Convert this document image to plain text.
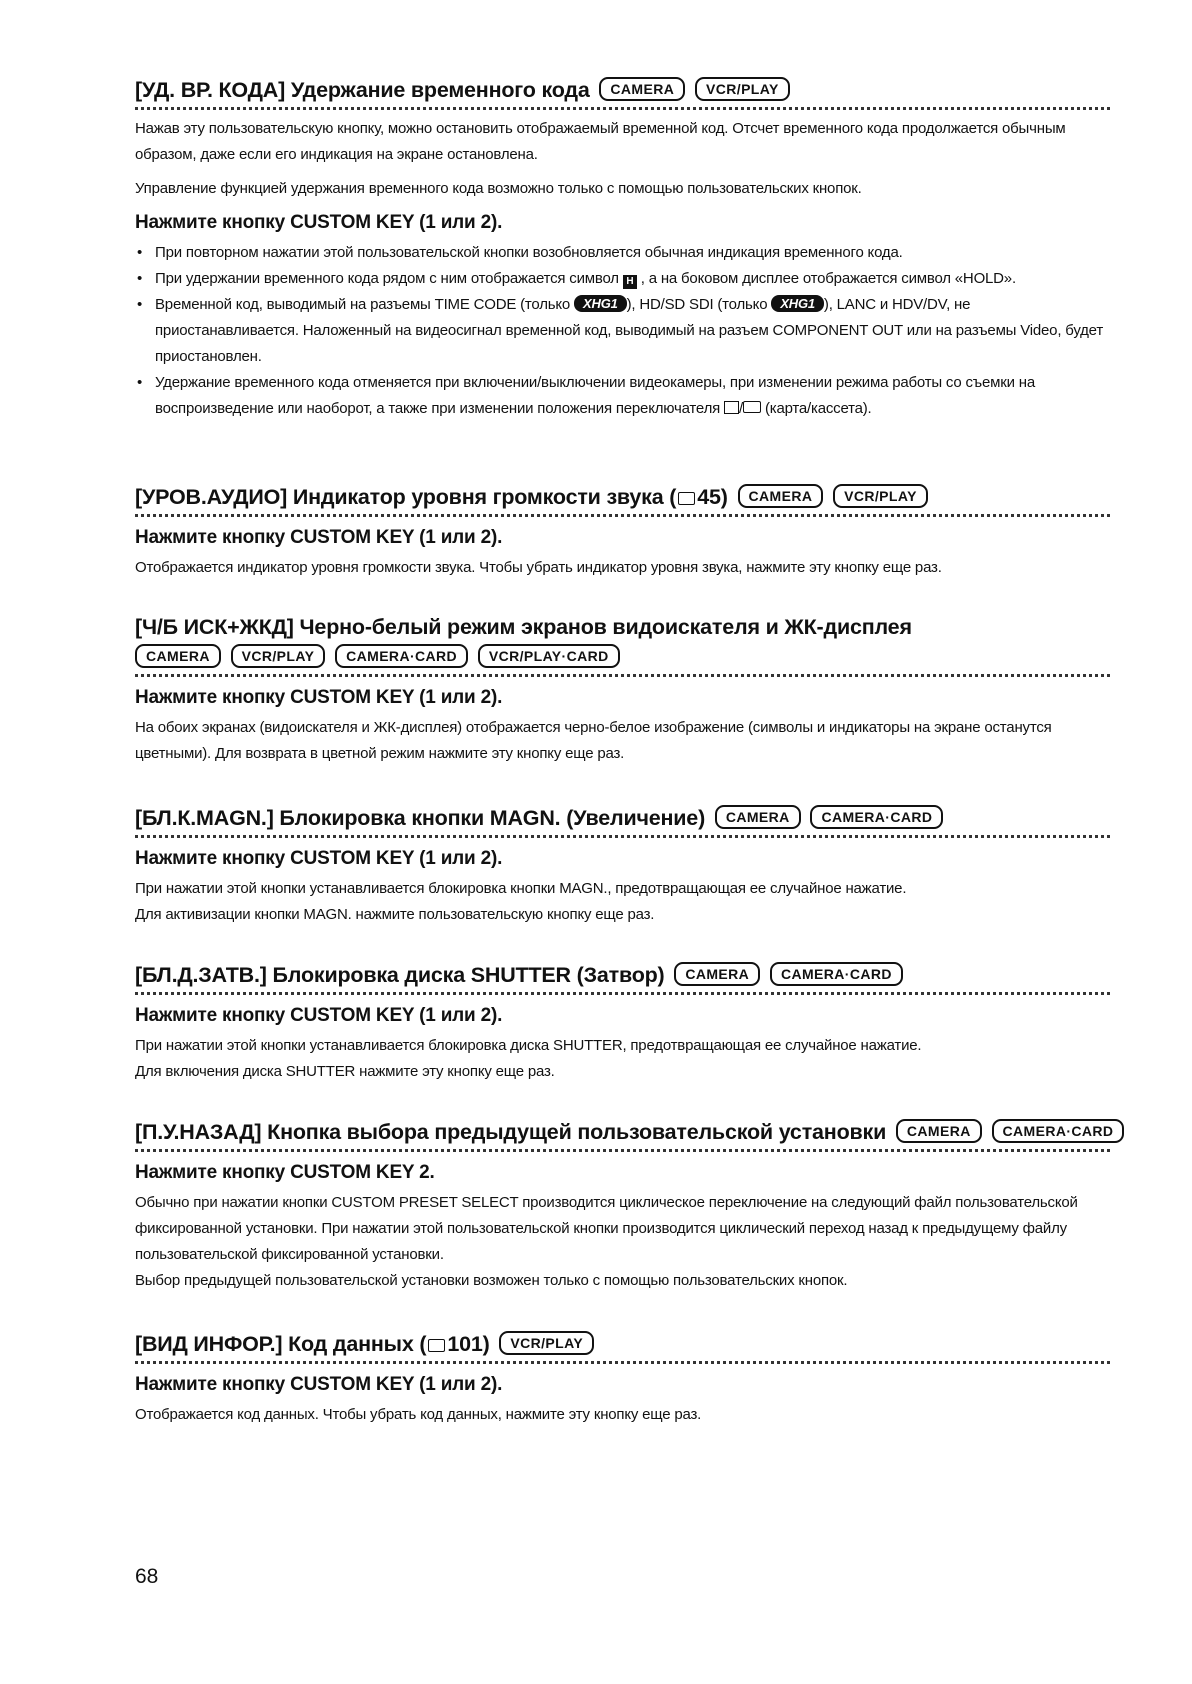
[УД. ВР. КОДА] Удержание временного кода CAMERA VCR/PLAY
Нажав эту пользовательскую кнопку, можно остановить отображаемый временной код. Отсчет временного кода продолжается обычным образом, даже если его индикация на экране остановлена.
Управление функцией удержания временного кода возможно только с помощью пользовательских кнопок.
Нажмите кнопку CUSTOM KEY (1 или 2).
• При повторном нажатии этой пользовательской кнопки возобновляется обычная индикация временного кода.
• При удержании временного кода рядом с ним отображается символ H , а на боковом дисплее отображается символ «HOLD».
• Временной код, выводимый на разъемы TIME CODE (только XHG1 ), HD/SD SDI (только XHG1 ), LANC и HDV/DV, не приостанавливается. Наложенный на видеосигнал временной код, выводимый на разъем COMPONENT OUT или на разъемы Video, будет приостановлен.
• Удержание временного кода отменяется при включении/выключении видеокамеры, при изменении режима работы со съемки на воспроизведение или наоборот, а также при изменении положения переключателя / (карта/кассета).
[УРОВ.АУДИО] Индикатор уровня громкости звука ( 45) CAMERA VCR/PLAY
Нажмите кнопку CUSTOM KEY (1 или 2).
Отображается индикатор уровня громкости звука. Чтобы убрать индикатор уровня звука, нажмите эту кнопку еще раз.
[Ч/Б ИСК+ЖКД] Черно-белый режим экранов видоискателя и ЖК-дисплея
CAMERA VCR/PLAY CAMERA·CARD VCR/PLAY·CARD
Нажмите кнопку CUSTOM KEY (1 или 2).
На обоих экранах (видоискателя и ЖК-дисплея) отображается черно-белое изображение (символы и индикаторы на экране останутся цветными). Для возврата в цветной режим нажмите эту кнопку еще раз.
[БЛ.К.MAGN.] Блокировка кнопки MAGN. (Увеличение) CAMERA CAMERA·CARD
Нажмите кнопку CUSTOM KEY (1 или 2).
При нажатии этой кнопки устанавливается блокировка кнопки MAGN., предотвращающая ее случайное нажатие.
Для активизации кнопки MAGN. нажмите пользовательскую кнопку еще раз.
[БЛ.Д.ЗАТВ.] Блокировка диска SHUTTER (Затвор) CAMERA CAMERA·CARD
Нажмите кнопку CUSTOM KEY (1 или 2).
При нажатии этой кнопки устанавливается блокировка диска SHUTTER, предотвращающая ее случайное нажатие.
Для включения диска SHUTTER нажмите эту кнопку еще раз.
[П.У.НАЗАД] Кнопка выбора предыдущей пользовательской установки CAMERA CAMERA·CARD
Нажмите кнопку CUSTOM KEY 2.
Обычно при нажатии кнопки CUSTOM PRESET SELECT производится циклическое переключение на следующий файл пользовательской фиксированной установки. При нажатии этой пользовательской кнопки производится циклический переход назад к предыдущему файлу пользовательской фиксированной установки.
Выбор предыдущей пользовательской установки возможен только с помощью пользовательских кнопок.
[ВИД ИНФОР.] Код данных ( 101) VCR/PLAY
Нажмите кнопку CUSTOM KEY (1 или 2).
Отображается код данных. Чтобы убрать код данных, нажмите эту кнопку еще раз.
68
